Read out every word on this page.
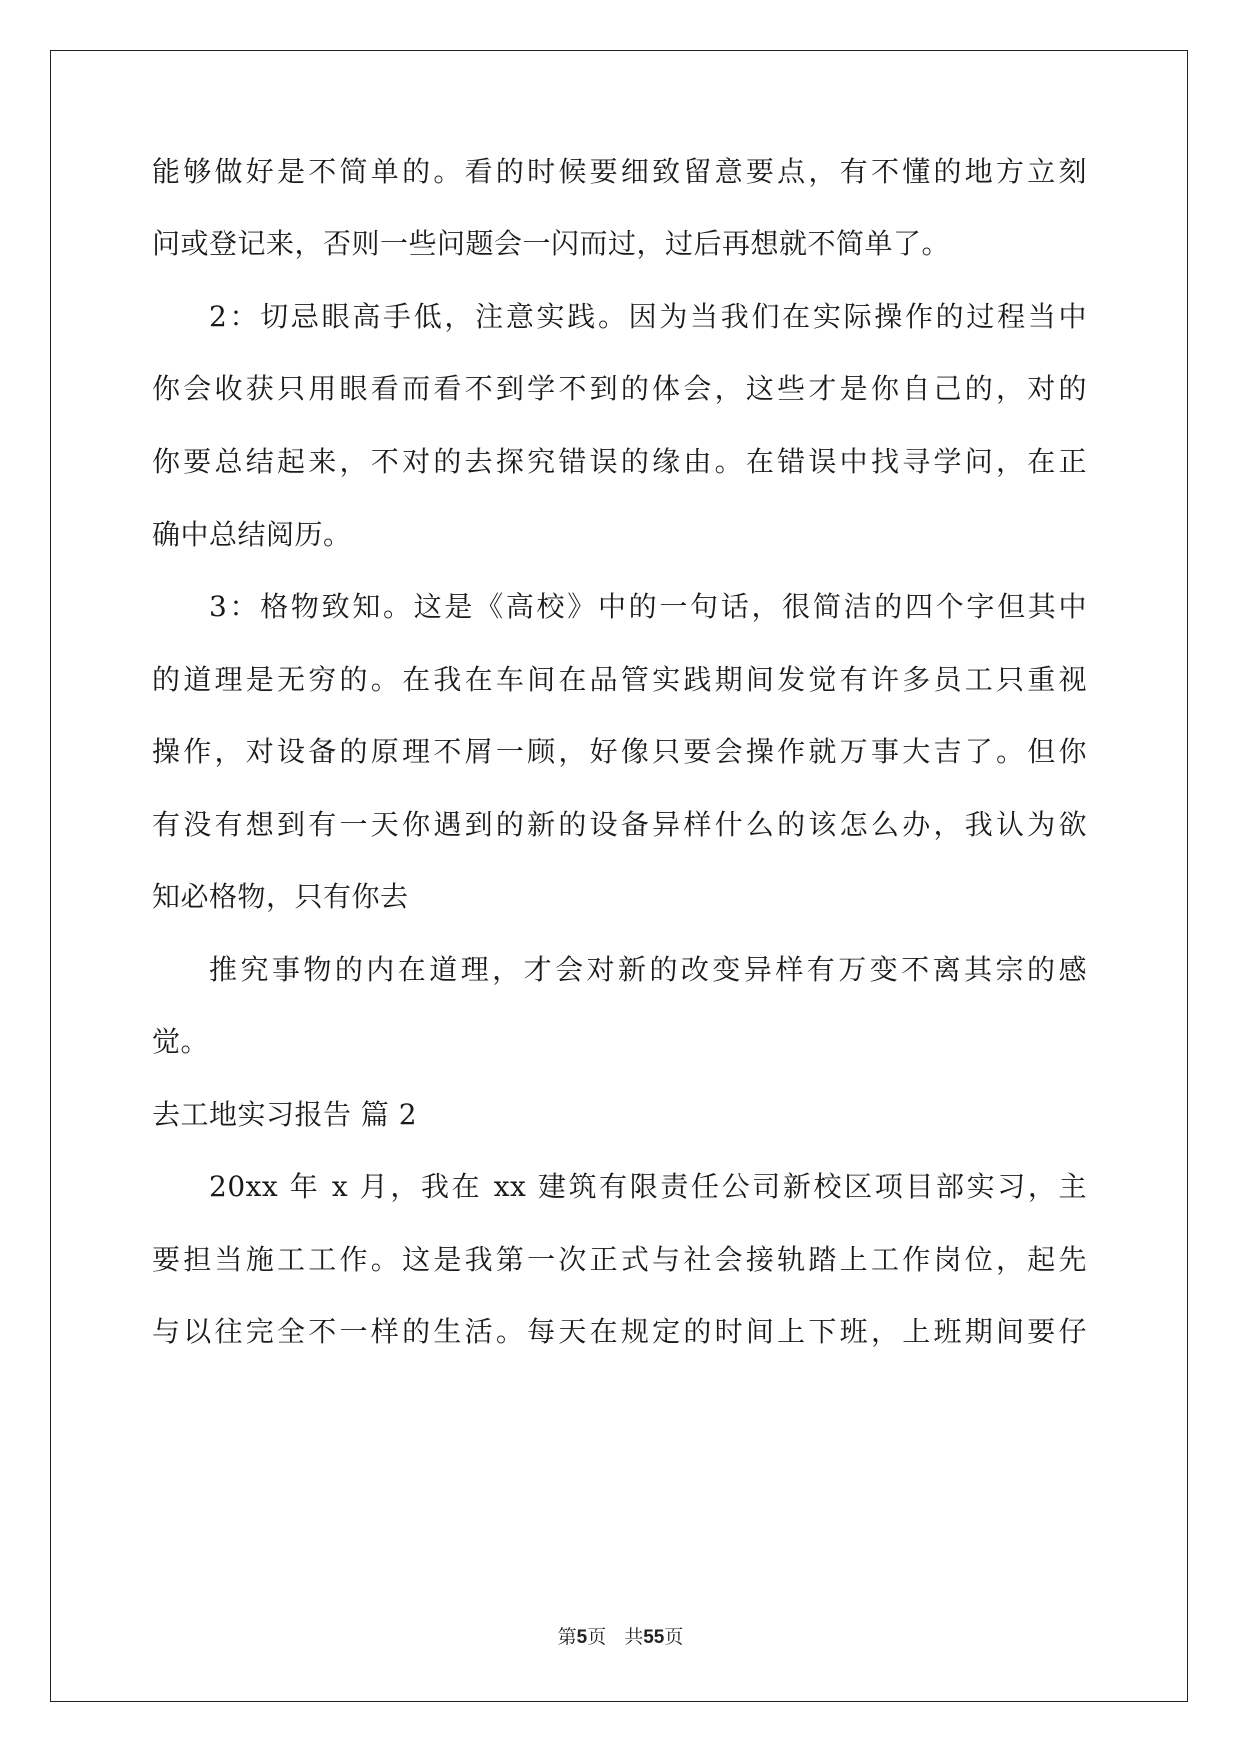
能够做好是不简单的。看的时候要细致留意要点，有不懂的地方立刻
问或登记来，否则一些问题会一闪而过，过后再想就不简单了。
2：切忌眼高手低，注意实践。因为当我们在实际操作的过程当中
你会收获只用眼看而看不到学不到的体会，这些才是你自己的，对的
你要总结起来，不对的去探究错误的缘由。在错误中找寻学问，在正
确中总结阅历。
3：格物致知。这是《高校》中的一句话，很简洁的四个字但其中
的道理是无穷的。在我在车间在品管实践期间发觉有许多员工只重视
操作，对设备的原理不屑一顾，好像只要会操作就万事大吉了。但你
有没有想到有一天你遇到的新的设备异样什么的该怎么办，我认为欲
知必格物，只有你去
推究事物的内在道理，才会对新的改变异样有万变不离其宗的感
觉。
去工地实习报告 篇 2
20xx 年 x 月，我在 xx 建筑有限责任公司新校区项目部实习，主
要担当施工工作。这是我第一次正式与社会接轨踏上工作岗位，起先
与以往完全不一样的生活。每天在规定的时间上下班，上班期间要仔
第5页 共55页
